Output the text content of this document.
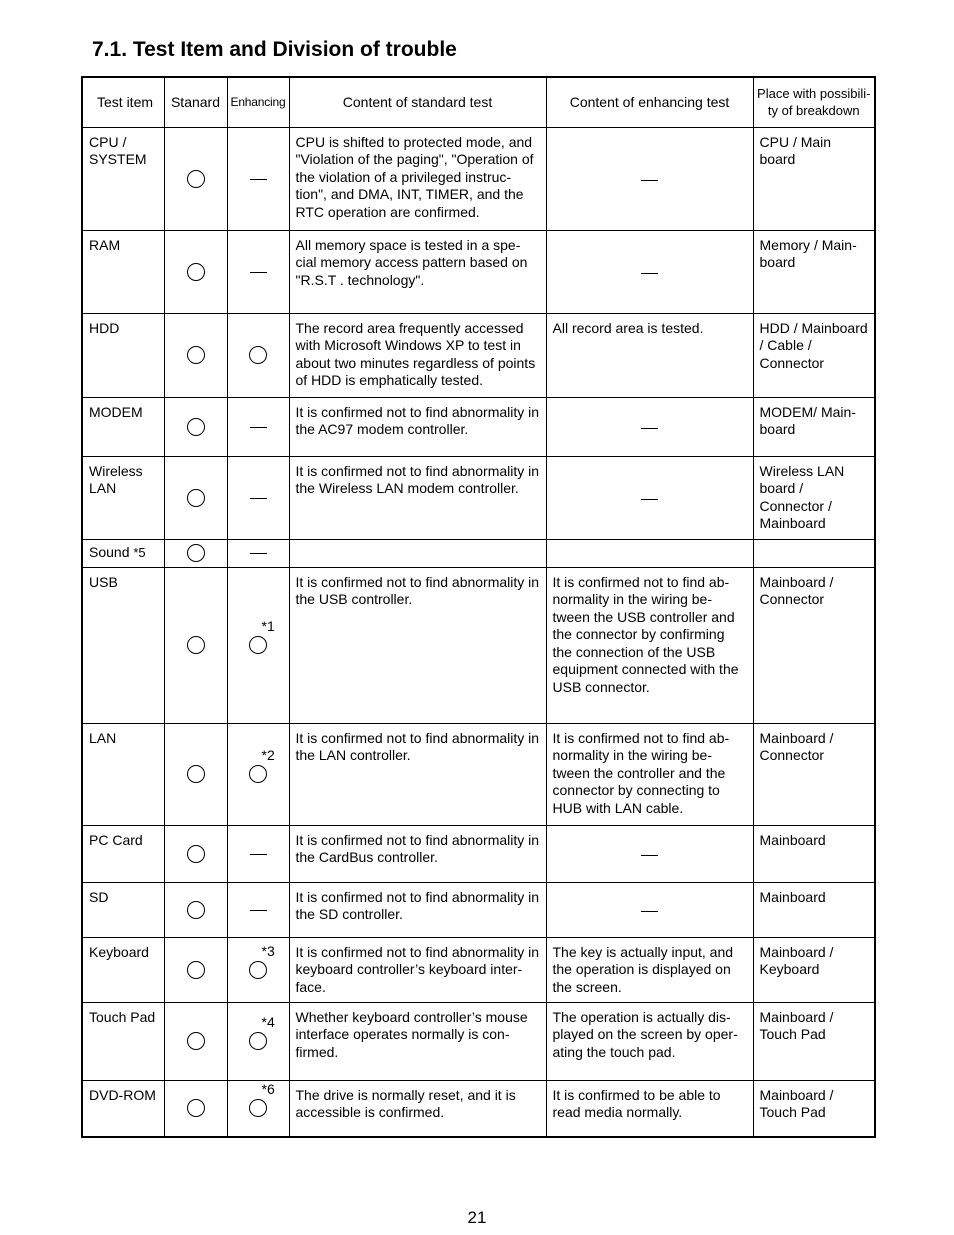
7.1. Test Item and Division of trouble
Test item	Stanard	Enhancing	Content of standard test	Content of enhancing test	Place with possibili-ty of breakdown
CPU / SYSTEM			CPU is shifted to protected mode, and "Violation of the paging", "Operation of the violation of a privileged instruc-tion", and DMA, INT, TIMER, and the RTC operation are confirmed.		CPU / Main board
RAM			All memory space is tested in a spe-cial memory access pattern based on "R.S.T . technology".		Memory / Main-board
HDD			The record area frequently accessed with Microsoft Windows XP to test in about two minutes regardless of points of HDD is emphatically tested.	All record area is tested.	HDD / Mainboard / Cable / Connector
MODEM			It is confirmed not to find abnormality in the AC97 modem controller.		MODEM/ Main-board
Wireless LAN			It is confirmed not to find abnormality in the Wireless LAN modem controller.		Wireless LAN board / Connector / Mainboard
Sound *5					
USB		*1	It is confirmed not to find abnormality in the USB controller.	It is confirmed not to find ab-normality in the wiring be-tween the USB controller and the connector by confirming the connection of the USB equipment connected with the USB connector.	Mainboard / Connector
LAN		*2	It is confirmed not to find abnormality in the LAN controller.	It is confirmed not to find ab-normality in the wiring be-tween the controller and the connector by connecting to HUB with LAN cable.	Mainboard / Connector
PC Card			It is confirmed not to find abnormality in the CardBus controller.		Mainboard
SD			It is confirmed not to find abnormality in the SD controller.		Mainboard
Keyboard		*3	It is confirmed not to find abnormality in keyboard controller’s keyboard inter-face.	The key is actually input, and the operation is displayed on the screen.	Mainboard / Keyboard
Touch Pad		*4	Whether keyboard controller’s mouse interface operates normally is con-firmed.	The operation is actually dis-played on the screen by oper-ating the touch pad.	Mainboard / Touch Pad
DVD-ROM		*6	The drive is normally reset, and it is accessible is confirmed.	It is confirmed to be able to read media normally.	Mainboard / Touch Pad
21
